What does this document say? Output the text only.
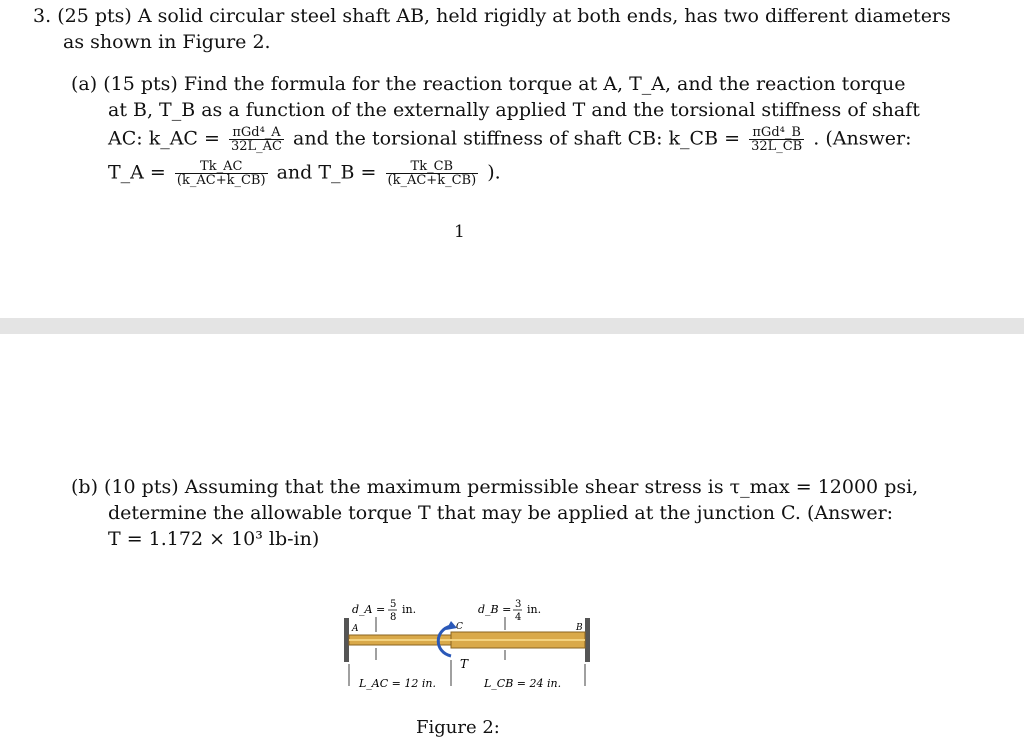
3. (25 pts) A solid circular steel shaft AB, held rigidly at both ends, has two different diameters
as shown in Figure 2.
(a) (15 pts) Find the formula for the reaction torque at A, T_A, and the reaction torque
at B, T_B as a function of the externally applied T and the torsional stiffness of shaft
AC: k_AC = $\frac{\text{πGd⁴\_A}}{32L\_AC}$ and the torsional stiffness of shaft CB: k_CB = $\frac{\text{πGd⁴\_B}}{32L\_CB}$ . (Answer:
T_A = $\frac{Tk\_AC}{(k\_AC+k\_CB)}$ and T_B = $\frac{Tk\_CB}{(k\_AC+k\_CB)}$ ).
1
(b) (10 pts) Assuming that the maximum permissible shear stress is τ_max = 12000 psi,
determine the allowable torque T that may be applied at the junction C. (Answer:
T = 1.172 × 10³ lb-in)
A	B
C
T
d_A = 5
8
in.	d_B = 3
4
in.
L_AC = 12 in.	L_CB = 24 in.
Figure 2:
